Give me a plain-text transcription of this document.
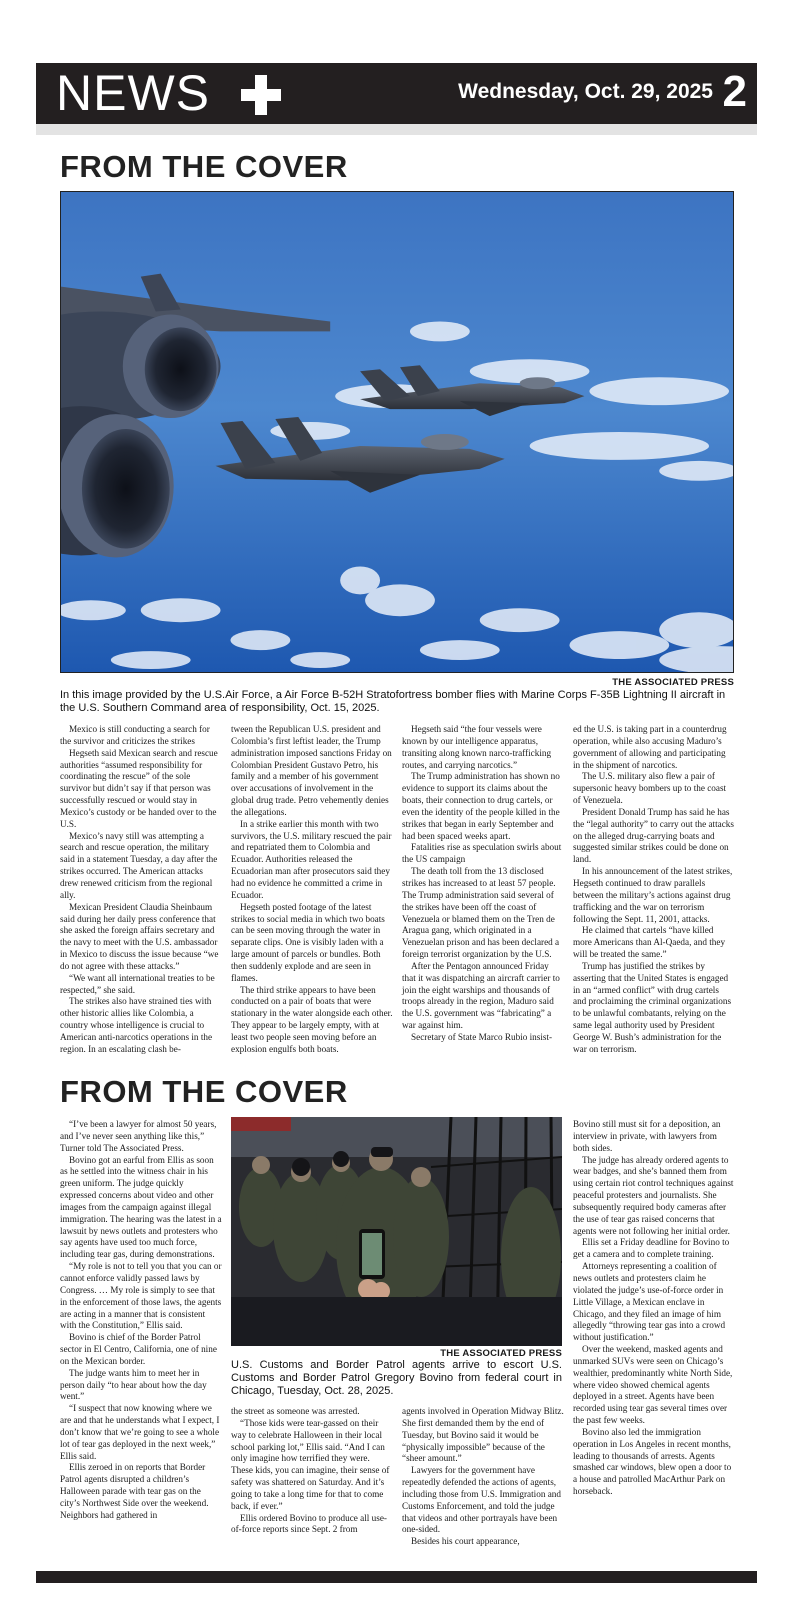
NEWS	Wednesday, Oct. 29, 2025 2
FROM THE COVER
THE ASSOCIATED PRESS
In this image provided by the U.S.Air Force, a Air Force B-52H Stratofortress bomber flies with Marine Corps F-35B Lightning II aircraft in the U.S. Southern Command area of responsibility, Oct. 15, 2025.

Mexico is still conducting a search for the survivor and criticizes the strikes

Hegseth said Mexican search and rescue authorities “assumed responsibility for coordinating the rescue” of the sole survivor but didn’t say if that person was successfully rescued or would stay in Mexico’s custody or be handed over to the U.S.

Mexico’s navy still was attempting a search and rescue operation, the military said in a statement Tuesday, a day after the strikes occurred. The American attacks drew renewed criticism from the regional ally.

Mexican President Claudia Sheinbaum said during her daily press conference that she asked the foreign affairs secretary and the navy to meet with the U.S. ambassador in Mexico to discuss the issue because “we do not agree with these attacks.”

“We want all international treaties to be respected,” she said.

The strikes also have strained ties with other historic allies like Colombia, a country whose intelligence is crucial to American anti-narcotics operations in the region. In an escalating clash be-

tween the Republican U.S. president and Colombia’s first leftist leader, the Trump administration imposed sanctions Friday on Colombian President Gustavo Petro, his family and a member of his government over accusations of involvement in the global drug trade. Petro vehemently denies the allegations.

In a strike earlier this month with two survivors, the U.S. military rescued the pair and repatriated them to Colombia and Ecuador. Authorities released the Ecuadorian man after prosecutors said they had no evidence he committed a crime in Ecuador.

Hegseth posted footage of the latest strikes to social media in which two boats can be seen moving through the water in separate clips. One is visibly laden with a large amount of parcels or bundles. Both then suddenly explode and are seen in flames.

The third strike appears to have been conducted on a pair of boats that were stationary in the water alongside each other. They appear to be largely empty, with at least two people seen moving before an explosion engulfs both boats.

Hegseth said “the four vessels were known by our intelligence apparatus, transiting along known narco-trafficking routes, and carrying narcotics.”

The Trump administration has shown no evidence to support its claims about the boats, their connection to drug cartels, or even the identity of the people killed in the strikes that began in early September and had been spaced weeks apart.

Fatalities rise as speculation swirls about the US campaign

The death toll from the 13 disclosed strikes has increased to at least 57 people. The Trump administration said several of the strikes have been off the coast of Venezuela or blamed them on the Tren de Aragua gang, which originated in a Venezuelan prison and has been declared a foreign terrorist organization by the U.S.

After the Pentagon announced Friday that it was dispatching an aircraft carrier to join the eight warships and thousands of troops already in the region, Maduro said the U.S. government was “fabricating” a war against him.

Secretary of State Marco Rubio insist-

ed the U.S. is taking part in a counterdrug operation, while also accusing Maduro’s government of allowing and participating in the shipment of narcotics.

The U.S. military also flew a pair of supersonic heavy bombers up to the coast of Venezuela.

President Donald Trump has said he has the “legal authority” to carry out the attacks on the alleged drug-carrying boats and suggested similar strikes could be done on land.

In his announcement of the latest strikes, Hegseth continued to draw parallels between the military’s actions against drug trafficking and the war on terrorism following the Sept. 11, 2001, attacks.

He claimed that cartels “have killed more Americans than Al-Qaeda, and they will be treated the same.”

Trump has justified the strikes by asserting that the United States is engaged in an “armed conflict” with drug cartels and proclaiming the criminal organizations to be unlawful combatants, relying on the same legal authority used by President George W. Bush’s administration for the war on terrorism.

FROM THE COVER

“I’ve been a lawyer for almost 50 years, and I’ve never seen anything like this,” Turner told The Associated Press.

Bovino got an earful from Ellis as soon as he settled into the witness chair in his green uniform. The judge quickly expressed concerns about video and other images from the campaign against illegal immigration. The hearing was the latest in a lawsuit by news outlets and protesters who say agents have used too much force, including tear gas, during demonstrations.

“My role is not to tell you that you can or cannot enforce validly passed laws by Congress. … My role is simply to see that in the enforcement of those laws, the agents are acting in a manner that is consistent with the Constitution,” Ellis said.

Bovino is chief of the Border Patrol sector in El Centro, California, one of nine on the Mexican border.

The judge wants him to meet her in person daily “to hear about how the day went.”

“I suspect that now knowing where we are and that he understands what I expect, I don’t know that we’re going to see a whole lot of tear gas deployed in the next week,” Ellis said.

Ellis zeroed in on reports that Border Patrol agents disrupted a children’s Halloween parade with tear gas on the city’s Northwest Side over the weekend. Neighbors had gathered in

THE ASSOCIATED PRESS
U.S. Customs and Border Patrol agents arrive to escort U.S. Customs and Border Patrol Gregory Bovino from federal court in Chicago, Tuesday, Oct. 28, 2025.

the street as someone was arrested.

“Those kids were tear-gassed on their way to celebrate Halloween in their local school parking lot,” Ellis said. “And I can only imagine how terrified they were. These kids, you can imagine, their sense of safety was shattered on Saturday. And it’s going to take a long time for that to come back, if ever.”

Ellis ordered Bovino to produce all use-of-force reports since Sept. 2 from

agents involved in Operation Midway Blitz. She first demanded them by the end of Tuesday, but Bovino said it would be “physically impossible” because of the “sheer amount.”

Lawyers for the government have repeatedly defended the actions of agents, including those from U.S. Immigration and Customs Enforcement, and told the judge that videos and other portrayals have been one-sided.

Besides his court appearance,

Bovino still must sit for a deposition, an interview in private, with lawyers from both sides.

The judge has already ordered agents to wear badges, and she’s banned them from using certain riot control techniques against peaceful protesters and journalists. She subsequently required body cameras after the use of tear gas raised concerns that agents were not following her initial order.

Ellis set a Friday deadline for Bovino to get a camera and to complete training.

Attorneys representing a coalition of news outlets and protesters claim he violated the judge’s use-of-force order in Little Village, a Mexican enclave in Chicago, and they filed an image of him allegedly “throwing tear gas into a crowd without justification.”

Over the weekend, masked agents and unmarked SUVs were seen on Chicago’s wealthier, predominantly white North Side, where video showed chemical agents deployed in a street. Agents have been recorded using tear gas several times over the past few weeks.

Bovino also led the immigration operation in Los Angeles in recent months, leading to thousands of arrests. Agents smashed car windows, blew open a door to a house and patrolled MacArthur Park on horseback.
